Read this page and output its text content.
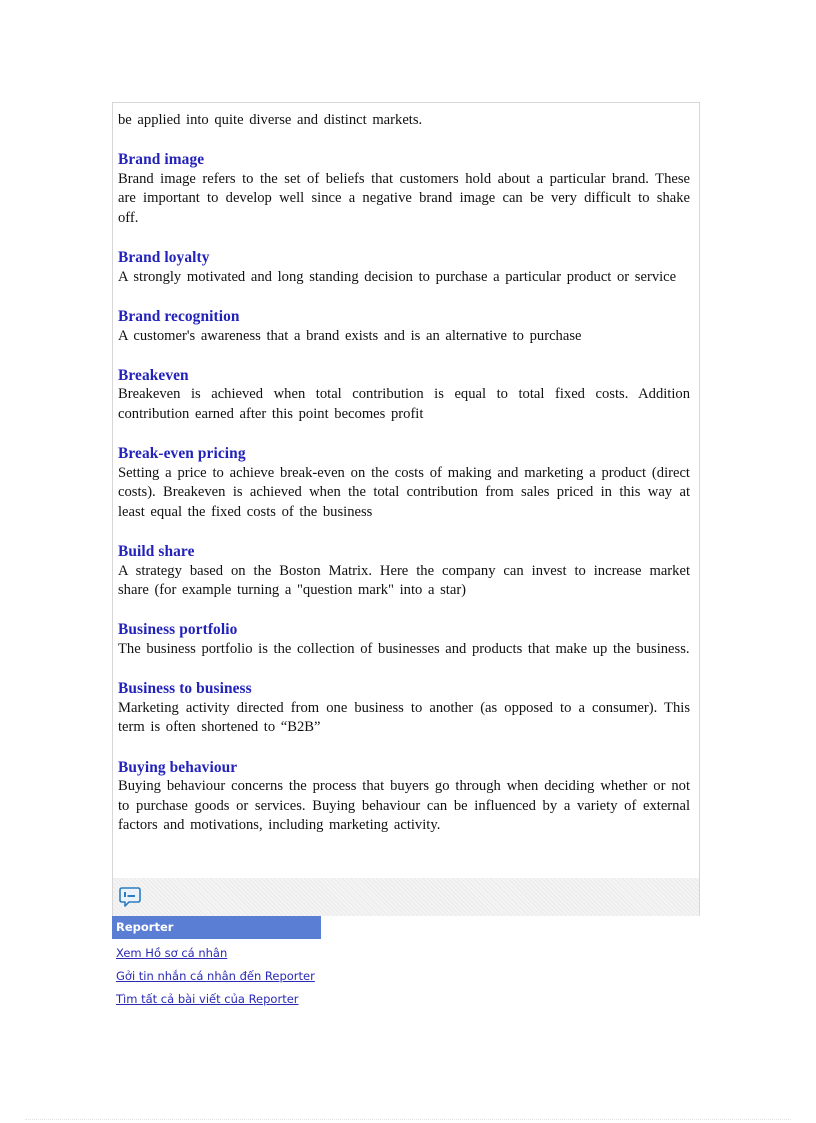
be applied into quite diverse and distinct markets.

Brand image
Brand image refers to the set of beliefs that customers hold about a particular brand. These are important to develop well since a negative brand image can be very difficult to shake off.
Brand loyalty
A strongly motivated and long standing decision to purchase a particular product or service
Brand recognition
A customer's awareness that a brand exists and is an alternative to purchase
Breakeven
Breakeven is achieved when total contribution is equal to total fixed costs. Addition contribution earned after this point becomes profit
Break-even pricing
Setting a price to achieve break-even on the costs of making and marketing a product (direct costs). Breakeven is achieved when the total contribution from sales priced in this way at least equal the fixed costs of the business
Build share
A strategy based on the Boston Matrix. Here the company can invest to increase market share (for example turning a "question mark" into a star)
Business portfolio
The business portfolio is the collection of businesses and products that make up the business.
Business to business
Marketing activity directed from one business to another (as opposed to a consumer). This term is often shortened to “B2B”
Buying behaviour
Buying behaviour concerns the process that buyers go through when deciding whether or not to purchase goods or services. Buying behaviour can be influenced by a variety of external factors and motivations, including marketing activity.
Reporter
Xem Hồ sơ cá nhân
Gởi tin nhắn cá nhân đến Reporter
Tìm tất cả bài viết của Reporter
